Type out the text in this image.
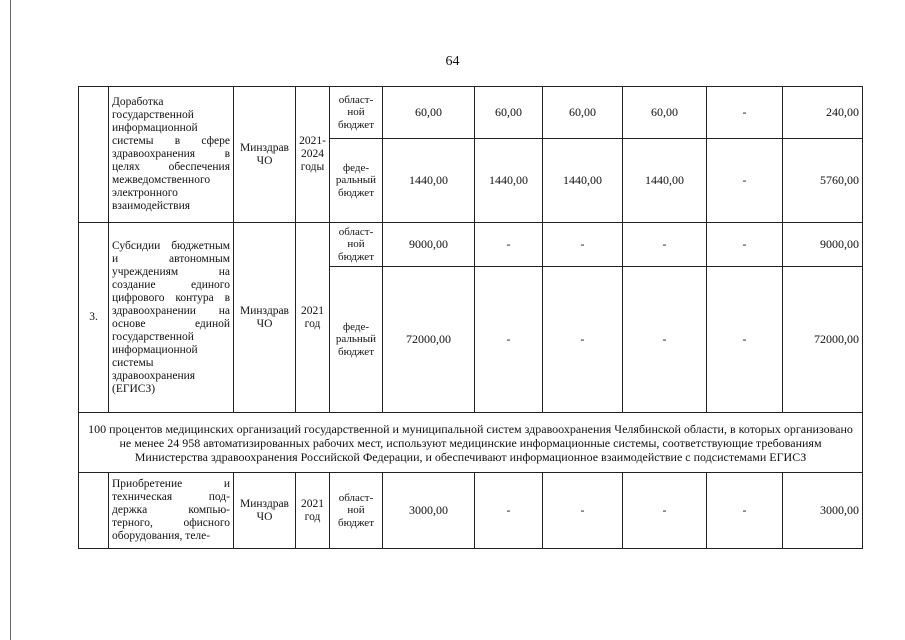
64
	Доработка государственной информационной системы в сфере здравоохранения в целях обеспечения межведомственного электронного взаимодействия	Минздрав ЧО	2021-2024 годы	област-ной бюджет	60,00	60,00	60,00	60,00	-	240,00
				феде-ральный бюджет	1440,00	1440,00	1440,00	1440,00	-	5760,00
3.	Субсидии бюджетным и автономным учреждениям на создание единого цифрового контура в здравоохранении на основе единой государственной информационной системы здравоохранения (ЕГИСЗ)	Минздрав ЧО	2021 год	област-ной бюджет	9000,00	-	-	-	-	9000,00
				феде-ральный бюджет	72000,00	-	-	-	-	72000,00
100 процентов медицинских организаций государственной и муниципальной систем здравоохранения Челябинской области, в которых организовано не менее 24 958 автоматизированных рабочих мест, используют медицинские информационные системы, соответствующие требованиям Министерства здравоохранения Российской Федерации, и обеспечивают информационное взаимодействие с подсистемами ЕГИСЗ										
	Приобретение и техническая под-держка компью-терного, офисного оборудования, теле-	Минздрав ЧО	2021 год	област-ной бюджет	3000,00	-	-	-	-	3000,00
